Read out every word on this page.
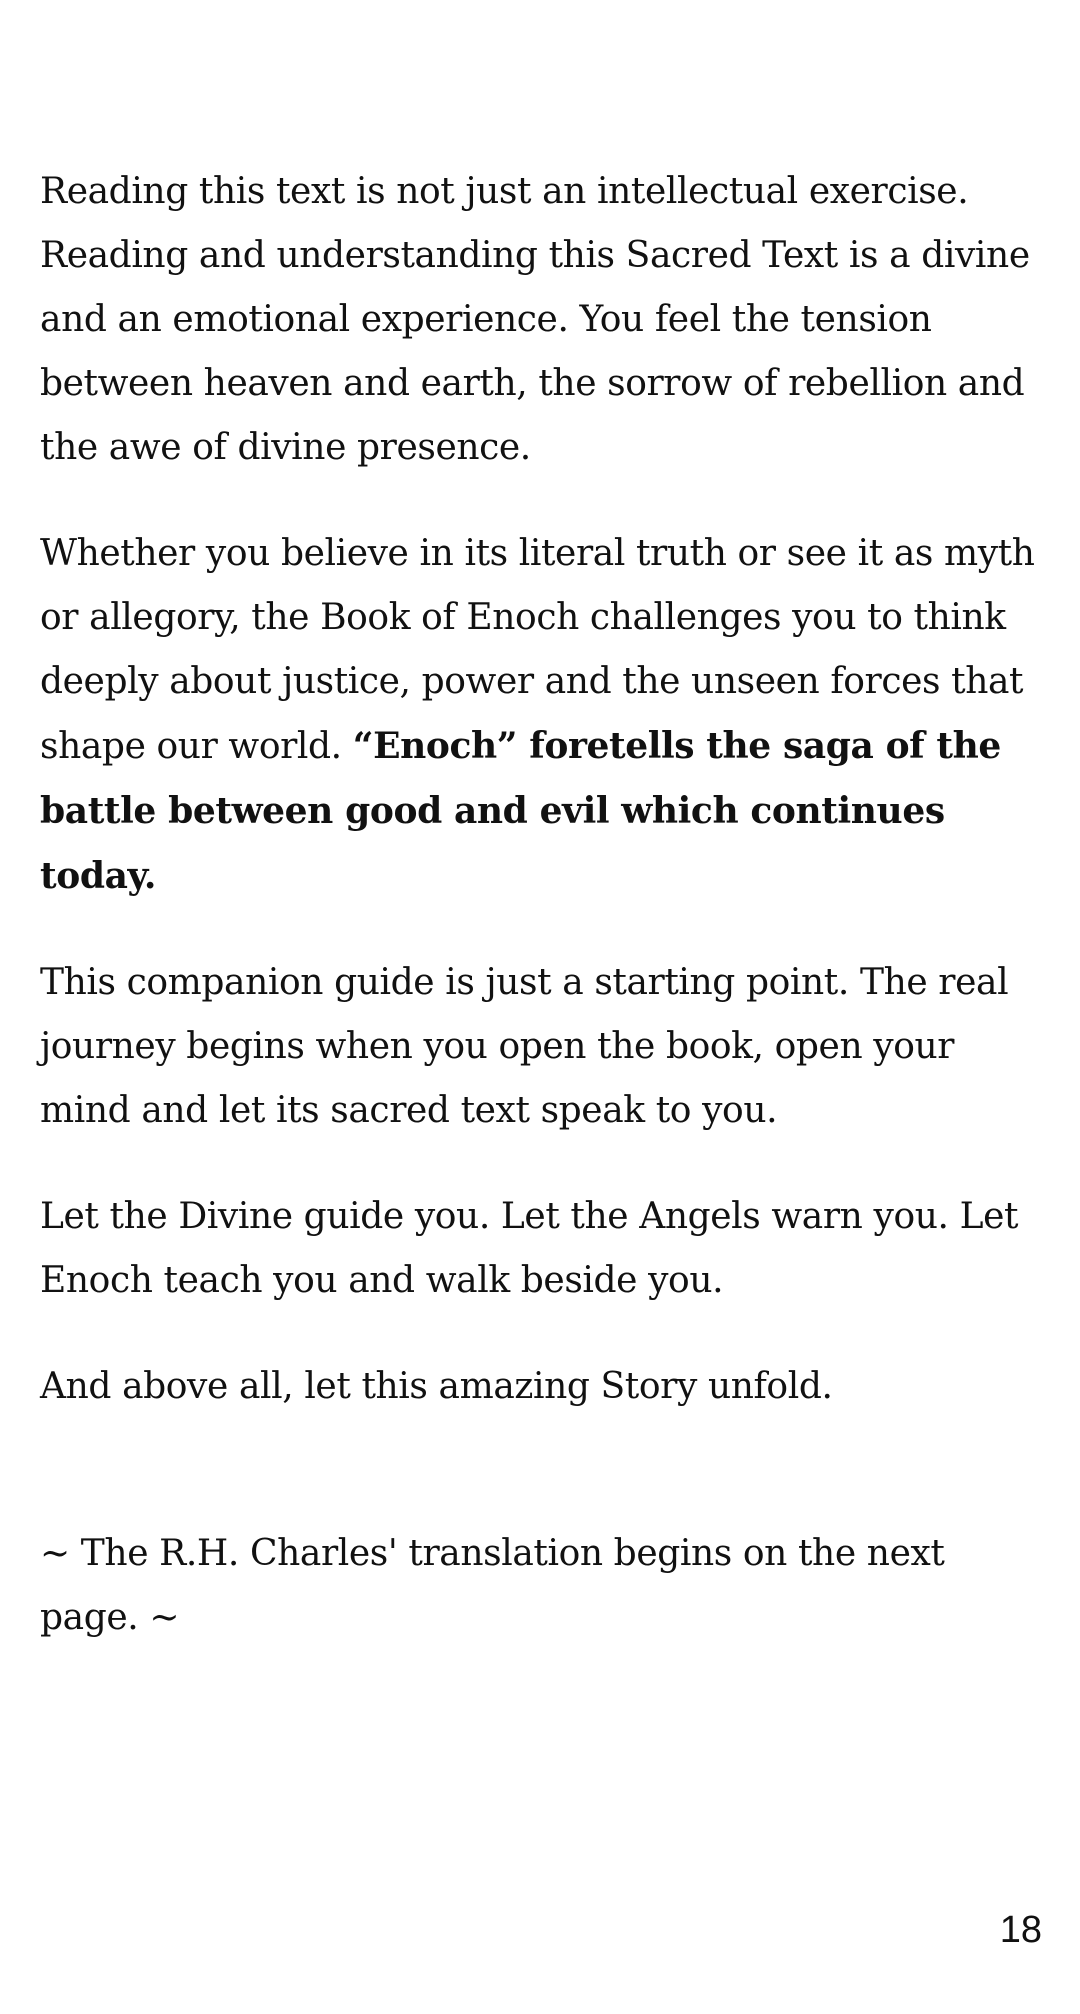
Reading this text is not just an intellectual exercise. Reading and understanding this Sacred Text is a divine and an emotional experience. You feel the tension between heaven and earth, the sorrow of rebellion and the awe of divine presence.

Whether you believe in its literal truth or see it as myth or allegory, the Book of Enoch challenges you to think deeply about justice, power and the unseen forces that shape our world. “Enoch” foretells the saga of the battle between good and evil which continues today.

This companion guide is just a starting point. The real journey begins when you open the book, open your mind and let its sacred text speak to you.

Let the Divine guide you. Let the Angels warn you. Let Enoch teach you and walk beside you.

And above all, let this amazing Story unfold.

~ The R.H. Charles' translation begins on the next page. ~
18
